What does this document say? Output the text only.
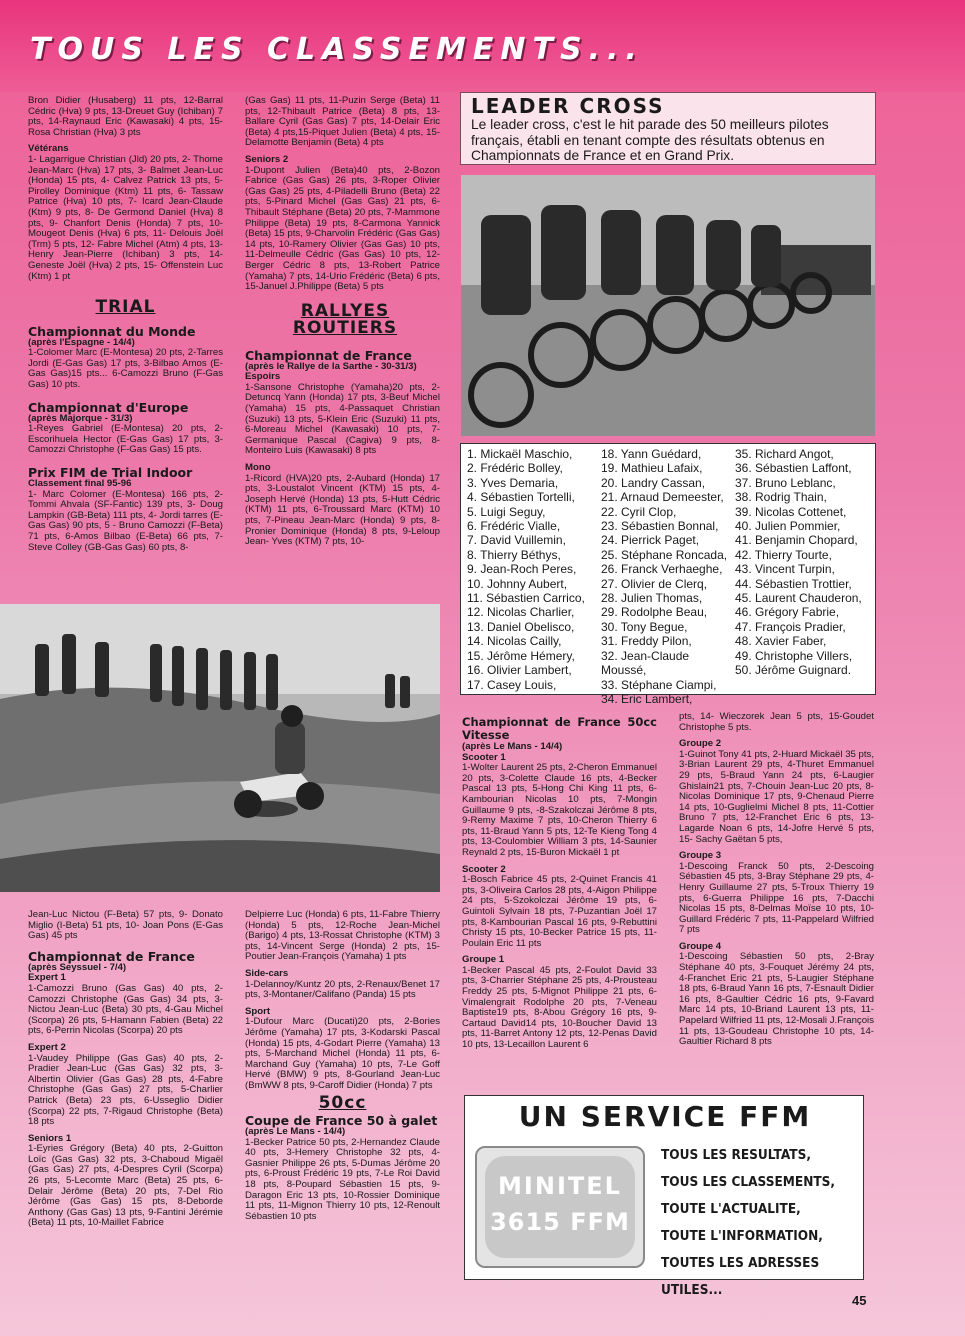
TOUS LES CLASSEMENTS...

Bron Didier (Husaberg) 11 pts, 12-Barral Cédric (Hva) 9 pts, 13-Dreuet Guy (Ichiban) 7 pts, 14-Raynaud Eric (Kawasaki) 4 pts, 15-Rosa Christian (Hva) 3 pts

Vétérans

1- Lagarrigue Christian (Jld) 20 pts, 2- Thome Jean-Marc (Hva) 17 pts, 3- Balmet Jean-Luc (Honda) 15 pts, 4- Calvez Patrick 13 pts, 5- Pirolley Dominique (Ktm) 11 pts, 6- Tassaw Patrice (Hva) 10 pts, 7- Icard Jean-Claude (Ktm) 9 pts, 8- De Germond Daniel (Hva) 8 pts, 9- Chanfort Denis (Honda) 7 pts, 10- Mougeot Denis (Hva) 6 pts, 11- Delouis Joël (Trm) 5 pts, 12- Fabre Michel (Atm) 4 pts, 13- Henry Jean-Pierre (Ichiban) 3 pts, 14- Geneste Joël (Hva) 2 pts, 15- Offenstein Luc (Ktm) 1 pt

TRIAL
Championnat du Monde
(après l'Espagne - 14/4)

1-Colomer Marc (E-Montesa) 20 pts, 2-Tarres Jordi (E-Gas Gas) 17 pts, 3-Bilbao Amos (E-Gas Gas)15 pts... 6-Camozzi Bruno (F-Gas Gas) 10 pts.

Championnat d'Europe
(après Majorque - 31/3)

1-Reyes Gabriel (E-Montesa) 20 pts, 2-Escorihuela Hector (E-Gas Gas) 17 pts, 3-Camozzi Christophe (F-Gas Gas) 15 pts.

Prix FIM de Trial Indoor
Classement final 95-96

1- Marc Colomer (E-Montesa) 166 pts, 2-Tommi Ahvala (SF-Fantic) 139 pts, 3- Doug Lampkin (GB-Beta) 111 pts, 4- Jordi tarres (E-Gas Gas) 90 pts, 5 - Bruno Camozzi (F-Beta) 71 pts, 6-Amos Bilbao (E-Beta) 66 pts, 7- Steve Colley (GB-Gas Gas) 60 pts, 8-

Jean-Luc Nictou (F-Beta) 57 pts, 9- Donato Miglio (I-Beta) 51 pts, 10- Joan Pons (E-Gas Gas) 45 pts

Championnat de France
(après Seyssuel - 7/4)
Expert 1

1-Camozzi Bruno (Gas Gas) 40 pts, 2-Camozzi Christophe (Gas Gas) 34 pts, 3-Nictou Jean-Luc (Beta) 30 pts, 4-Gau Michel (Scorpa) 26 pts, 5-Hamann Fabien (Beta) 22 pts, 6-Perrin Nicolas (Scorpa) 20 pts

Expert 2

1-Vaudey Philippe (Gas Gas) 40 pts, 2-Pradier Jean-Luc (Gas Gas) 32 pts, 3-Albertin Olivier (Gas Gas) 28 pts, 4-Fabre Christophe (Gas Gas) 27 pts, 5-Charlier Patrick (Beta) 23 pts, 6-Usseglio Didier (Scorpa) 22 pts, 7-Rigaud Christophe (Beta) 18 pts

Seniors 1

1-Eyries Grégory (Beta) 40 pts, 2-Guitton Loïc (Gas Gas) 32 pts, 3-Chaboud Migaël (Gas Gas) 27 pts, 4-Despres Cyril (Scorpa) 26 pts, 5-Lecomte Marc (Beta) 25 pts, 6-Delair Jérôme (Beta) 20 pts, 7-Del Rio Jérôme (Gas Gas) 15 pts, 8-Deborde Anthony (Gas Gas) 13 pts, 9-Fantini Jérémie (Beta) 11 pts, 10-Maillet Fabrice

(Gas Gas) 11 pts, 11-Puzin Serge (Beta) 11 pts, 12-Thibault Patrice (Beta) 8 pts, 13-Ballare Cyril (Gas Gas) 7 pts, 14-Delair Eric (Beta) 4 pts,15-Piquet Julien (Beta) 4 pts, 15-Delamotte Benjamin (Beta) 4 pts

Seniors 2

1-Dupont Julien (Beta)40 pts, 2-Bozon Fabrice (Gas Gas) 26 pts, 3-Roper Olivier (Gas Gas) 25 pts, 4-Piladelli Bruno (Beta) 22 pts, 5-Pinard Michel (Gas Gas) 21 pts, 6-Thibault Stéphane (Beta) 20 pts, 7-Mammone Philippe (Beta) 19 pts, 8-Carmona Yannick (Beta) 15 pts, 9-Charvolin Frédéric (Gas Gas) 14 pts, 10-Ramery Olivier (Gas Gas) 10 pts, 11-Delmeulle Cédric (Gas Gas) 10 pts, 12-Berger Cédric 8 pts, 13-Robert Patrice (Yamaha) 7 pts, 14-Urio Frédéric (Beta) 6 pts, 15-Januel J.Philippe (Beta) 5 pts

RALLYES ROUTIERS
Championnat de France
(après le Rallye de la Sarthe - 30-31/3)
Espoirs

1-Sansone Christophe (Yamaha)20 pts, 2-Detuncq Yann (Honda) 17 pts, 3-Beuf Michel (Yamaha) 15 pts, 4-Passaquet Christian (Suzuki) 13 pts, 5-Klein Eric (Suzuki) 11 pts, 6-Moreau Michel (Kawasaki) 10 pts, 7-Germanique Pascal (Cagiva) 9 pts, 8-Monteiro Luis (Kawasaki) 8 pts

Mono

1-Ricord (HVA)20 pts, 2-Aubard (Honda) 17 pts, 3-Loustalot Vincent (KTM) 15 pts, 4-Joseph Hervé (Honda) 13 pts, 5-Hutt Cédric (KTM) 11 pts, 6-Troussard Marc (KTM) 10 pts, 7-Pineau Jean-Marc (Honda) 9 pts, 8-Pronier Dominique (Honda) 8 pts, 9-Leloup Jean- Yves (KTM) 7 pts, 10-

Delpierre Luc (Honda) 6 pts, 11-Fabre Thierry (Honda) 5 pts, 12-Roche Jean-Michel (Barigo) 4 pts, 13-Rossat Christophe (KTM) 3 pts, 14-Vincent Serge (Honda) 2 pts, 15-Poutier Jean-François (Yamaha) 1 pts

Side-cars

1-Delannoy/Kuntz 20 pts, 2-Renaux/Benet 17 pts, 3-Montaner/Califano (Panda) 15 pts

Sport

1-Dufour Marc (Ducati)20 pts, 2-Bories Jérôme (Yamaha) 17 pts, 3-Kodarski Pascal (Honda) 15 pts, 4-Godart Pierre (Yamaha) 13 pts, 5-Marchand Michel (Honda) 11 pts, 6-Marchand Guy (Yamaha) 10 pts, 7-Le Goff Hervé (BMW) 9 pts, 8-Gourland Jean-Luc (BmWW 8 pts, 9-Caroff Didier (Honda) 7 pts

50cc
Coupe de France 50 à galet
(après Le Mans - 14/4)

1-Becker Patrice 50 pts, 2-Hernandez Claude 40 pts, 3-Hemery Christophe 32 pts, 4-Gasnier Philippe 26 pts, 5-Dumas Jérôme 20 pts, 6-Proust Frédéric 19 pts, 7-Le Roi David 18 pts, 8-Poupard Sébastien 15 pts, 9-Daragon Eric 13 pts, 10-Rossier Dominique 11 pts, 11-Mignon Thierry 10 pts, 12-Renoult Sébastien 10 pts

LEADER CROSS
Le leader cross, c'est le hit parade des 50 meilleurs pilotes français, établi en tenant compte des résultats obtenus en Championnats de France et en Grand Prix.
1. Mickaël Maschio,
2. Frédéric Bolley,
3. Yves Demaria,
4. Sébastien Tortelli,
5. Luigi Seguy,
6. Frédéric Vialle,
7. David Vuillemin,
8. Thierry Béthys,
9. Jean-Roch Peres,
10. Johnny Aubert,
11. Sébastien Carrico,
12. Nicolas Charlier,
13. Daniel Obelisco,
14. Nicolas Cailly,
15. Jérôme Hémery,
16. Olivier Lambert,
17. Casey Louis,
18. Yann Guédard,
19. Mathieu Lafaix,
20. Landry Cassan,
21. Arnaud Demeester,
22. Cyril Clop,
23. Sébastien Bonnal,
24. Pierrick Paget,
25. Stéphane Roncada,
26. Franck Verhaeghe,
27. Olivier de Clerq,
28. Julien Thomas,
29. Rodolphe Beau,
30. Tony Begue,
31. Freddy Pilon,
32. Jean-Claude Moussé,
33. Stéphane Ciampi,
34. Eric Lambert,
35. Richard Angot,
36. Sébastien Laffont,
37. Bruno Leblanc,
38. Rodrig Thain,
39. Nicolas Cottenet,
40. Julien Pommier,
41. Benjamin Chopard,
42. Thierry Tourte,
43. Vincent Turpin,
44. Sébastien Trottier,
45. Laurent Chauderon,
46. Grégory Fabrie,
47. François Pradier,
48. Xavier Faber,
49. Christophe Villers,
50. Jérôme Guignard.
Championnat de France 50cc Vitesse
(après Le Mans - 14/4)
Scooter 1

1-Wolter Laurent 25 pts, 2-Cheron Emmanuel 20 pts, 3-Colette Claude 16 pts, 4-Becker Pascal 13 pts, 5-Hong Chi King 11 pts, 6-Kambourian Nicolas 10 pts, 7-Mongin Guillaume 9 pts, -8-Szakolczai Jérôme 8 pts, 9-Remy Maxime 7 pts, 10-Cheron Thierry 6 pts, 11-Braud Yann 5 pts, 12-Te Kieng Tong 4 pts, 13-Coulombier William 3 pts, 14-Saunier Reynald 2 pts, 15-Buron Mickaël 1 pt

Scooter 2

1-Bosch Fabrice 45 pts, 2-Quinet Francis 41 pts, 3-Oliveira Carlos 28 pts, 4-Aigon Philippe 24 pts, 5-Szokolczai Jérôme 19 pts, 6-Guintoli Sylvain 18 pts, 7-Puzantian Joël 17 pts, 8-Kambourian Pascal 16 pts, 9-Rebuttini Christy 15 pts, 10-Becker Patrice 15 pts, 11-Poulain Eric 11 pts

Groupe 1

1-Becker Pascal 45 pts, 2-Foulot David 33 pts, 3-Charrier Stéphane 25 pts, 4-Prousteau Freddy 25 pts, 5-Mignot Philippe 21 pts, 6-Vimalengrait Rodolphe 20 pts, 7-Veneau Baptiste19 pts, 8-Abou Grégory 16 pts, 9-Cartaud David14 pts, 10-Boucher David 13 pts, 11-Barret Antony 12 pts, 12-Penas David 10 pts, 13-Lecaillon Laurent 6

pts, 14- Wieczorek Jean 5 pts, 15-Goudet Christophe 5 pts.

Groupe 2

1-Guinot Tony 41 pts, 2-Huard Mickaël 35 pts, 3-Brian Laurent 29 pts, 4-Thuret Emmanuel 29 pts, 5-Braud Yann 24 pts, 6-Laugier Ghislain21 pts, 7-Chouin Jean-Luc 20 pts, 8-Nicolas Dominique 17 pts, 9-Chenaud Pierre 14 pts, 10-Guglielmi Michel 8 pts, 11-Cottier Bruno 7 pts, 12-Franchet Eric 6 pts, 13-Lagarde Noan 6 pts, 14-Jofre Hervé 5 pts, 15- Sachy Gaëtan 5 pts,

Groupe 3

1-Descoing Franck 50 pts, 2-Descoing Sébastien 45 pts, 3-Bray Stéphane 29 pts, 4-Henry Guillaume 27 pts, 5-Troux Thierry 19 pts, 6-Guerra Philippe 16 pts, 7-Dacchi Nicolas 15 pts, 8-Delmas Moïse 10 pts, 10-Guillard Frédéric 7 pts, 11-Pappelard Wilfried 7 pts

Groupe 4

1-Descoing Sébastien 50 pts, 2-Bray Stéphane 40 pts, 3-Fouquet Jérémy 24 pts, 4-Franchet Eric 21 pts, 5-Laugier Stéphane 18 pts, 6-Braud Yann 16 pts, 7-Esnault Didier 16 pts, 8-Gaultier Cédric 16 pts, 9-Favard Marc 14 pts, 10-Briand Laurent 13 pts, 11-Papelard Wilfried 11 pts, 12-Mosali J.François 11 pts, 13-Goudeau Christophe 10 pts, 14-Gaultier Richard 8 pts

UN SERVICE FFM
MINITEL
3615 FFM
TOUS LES RESULTATS,
TOUS LES CLASSEMENTS,
TOUTE L'ACTUALITE,
TOUTE L'INFORMATION,
TOUTES LES ADRESSES UTILES...
45
